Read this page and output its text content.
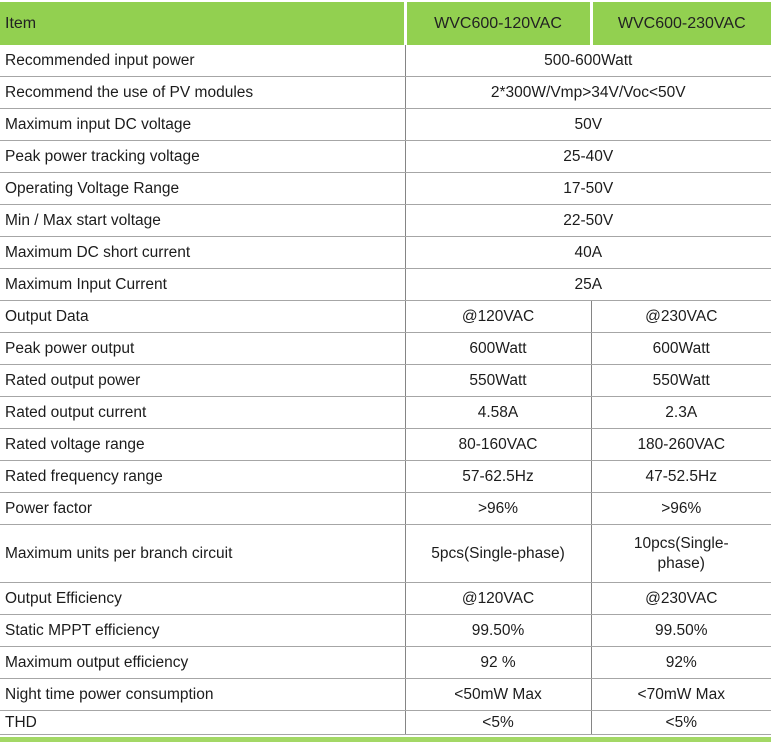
Item	WVC600-120VAC	WVC600-230VAC
Recommended input power	500-600Watt	
Recommend the use of PV modules	2*300W/Vmp>34V/Voc<50V	
Maximum input DC voltage	50V	
Peak power tracking voltage	25-40V	
Operating Voltage Range	17-50V	
Min / Max start voltage	22-50V	
Maximum DC short current	40A	
Maximum Input Current	25A	
Output Data	@120VAC	@230VAC
Peak power output	600Watt	600Watt
Rated output power	550Watt	550Watt
Rated output current	4.58A	2.3A
Rated voltage range	80-160VAC	180-260VAC
Rated frequency range	57-62.5Hz	47-52.5Hz
Power factor	>96%	>96%
Maximum units per branch circuit	5pcs(Single-phase)	10pcs(Single-phase)
Output Efficiency	@120VAC	@230VAC
Static MPPT efficiency	99.50%	99.50%
Maximum output efficiency	92 %	92%
Night time power consumption	<50mW Max	<70mW Max
THD	<5%	<5%
